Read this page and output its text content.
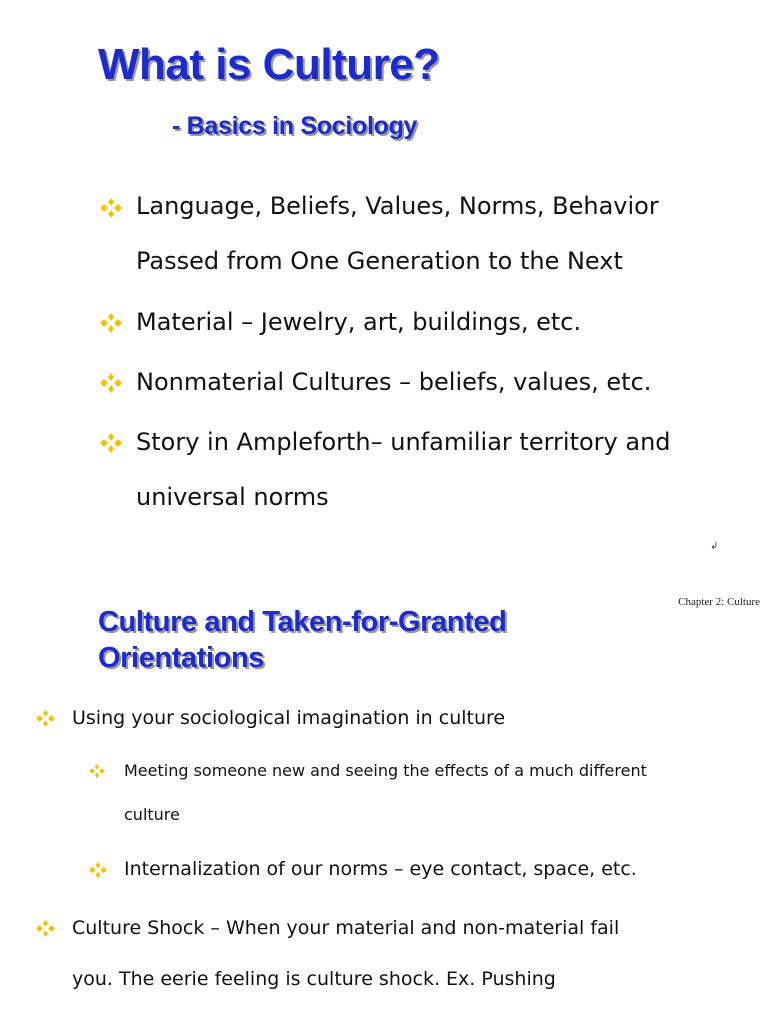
What is Culture?
- Basics in Sociology
Language, Beliefs, Values, Norms, Behavior
Passed from One Generation to the Next
Material – Jewelry, art, buildings, etc.
Nonmaterial Cultures – beliefs, values, etc.
Story in Ampleforth– unfamiliar territory and
universal norms
↲
Chapter 2: Culture
Culture and Taken-for-Granted
Orientations
Using your sociological imagination in culture
Meeting someone new and seeing the effects of a much different
culture
Internalization of our norms – eye contact, space, etc.
Culture Shock – When your material and non-material fail
you. The eerie feeling is culture shock. Ex. Pushing
